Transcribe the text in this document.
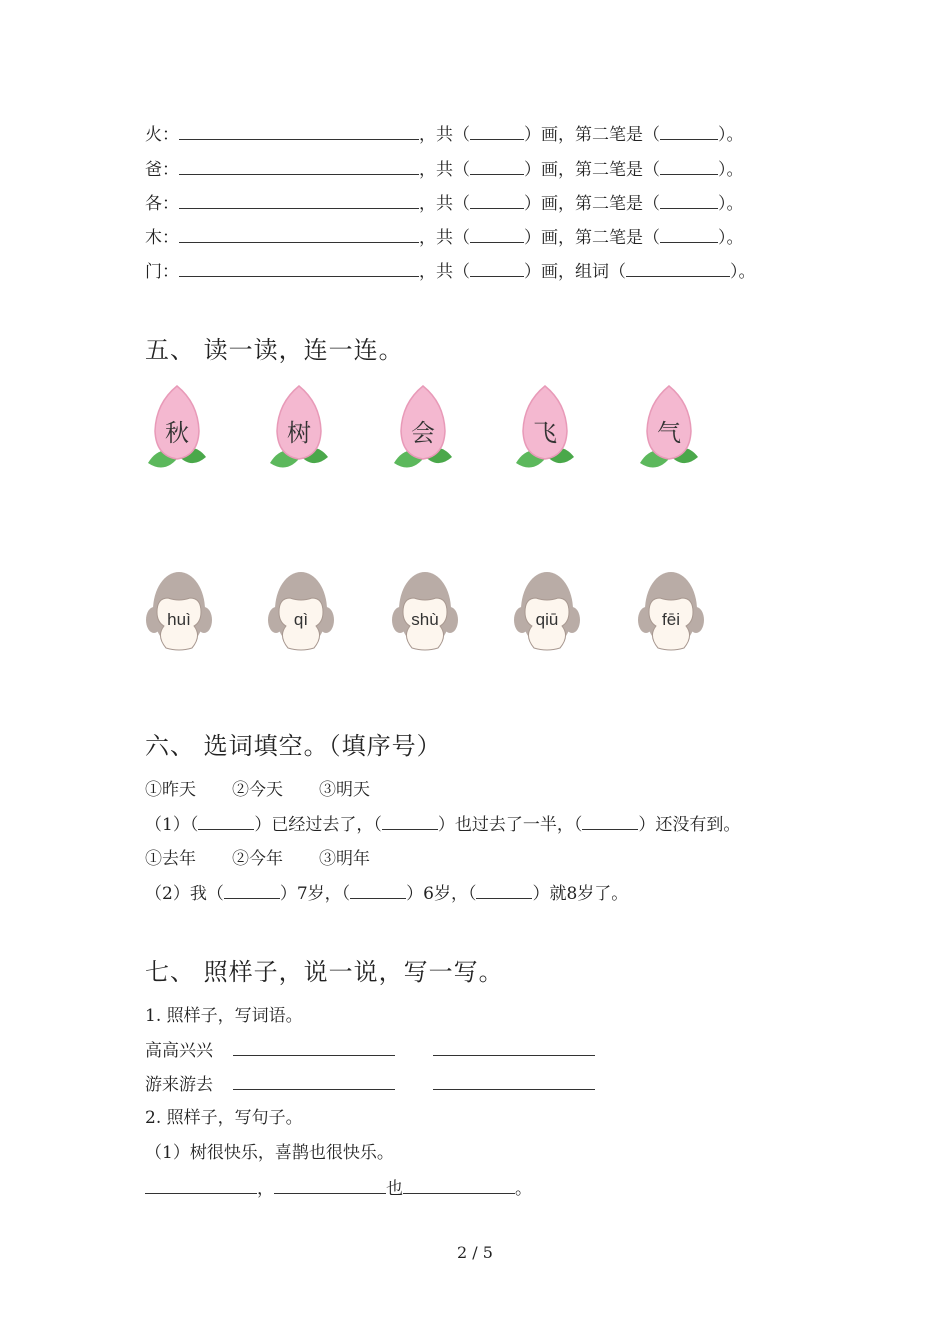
火：	，共（	）画，第二笔是（	）。
爸：	，共（	）画，第二笔是（	）。
各：	，共（	）画，第二笔是（	）。
木：	，共（	）画，第二笔是（	）。
门：	，共（	）画，组词（	）。
五、 读一读，连一连。
秋	树	会	飞	气
huì	qì	shù	qiū	fēi
六、 选词填空。（填序号）
①昨天 ②今天 ③明天
（1）（	）已经过去了，（	）也过去了一半，（	）还没有到。
①去年 ②今年 ③明年
（2）我（	）7岁，（	）6岁，（	）就8岁了。
七、 照样子，说一说，写一写。
1. 照样子，写词语。
高高兴兴
游来游去
2. 照样子，写句子。
（1）树很快乐，喜鹊也很快乐。
，	也	。
2 / 5
